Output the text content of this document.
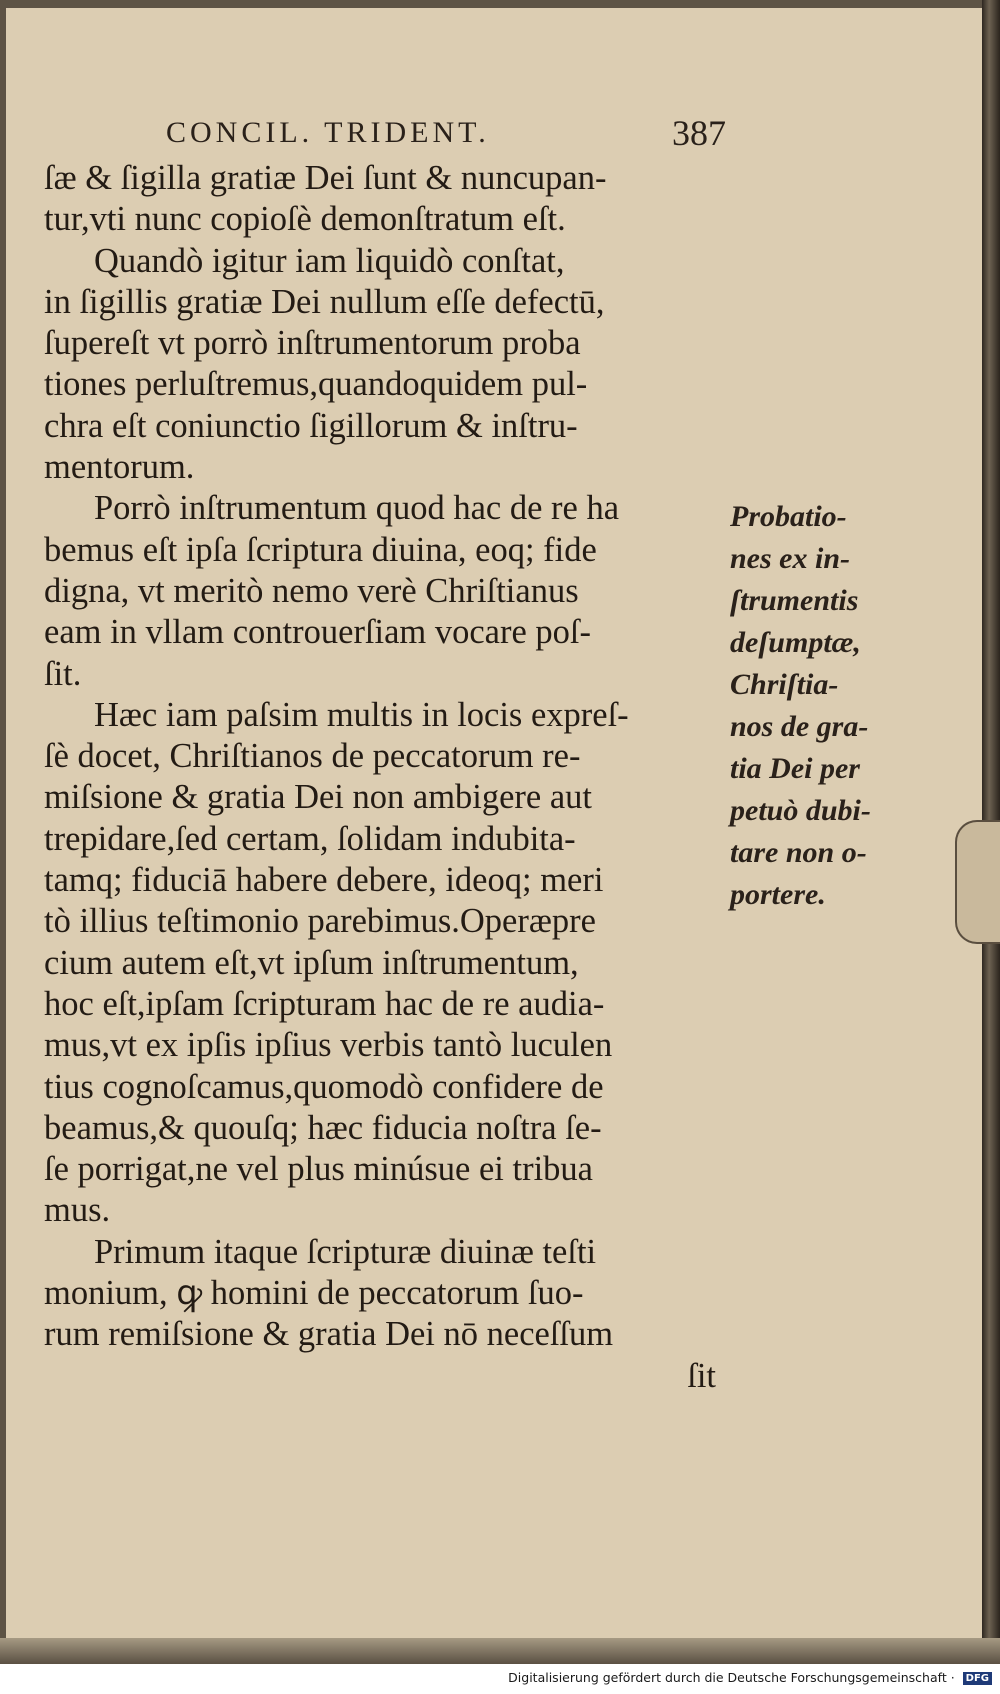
CONCIL. TRIDENT.	387
ſæ & ſigilla gratiæ Dei ſunt & nuncupan-
tur,vti nunc copioſè demonſtratum eſt.
Quandò igitur iam liquidò conſtat,
in ſigillis gratiæ Dei nullum eſſe defectū,
ſupereſt vt porrò inſtrumentorum proba
tiones perluſtremus,quandoquidem pul-
chra eſt coniunctio ſigillorum & inſtru-
mentorum.
Porrò inſtrumentum quod hac de re ha
bemus eſt ipſa ſcriptura diuina, eoq; fide
digna, vt meritò nemo verè Chriſtianus
eam in vllam controuerſiam vocare poſ-
ſit.
Hæc iam paſsim multis in locis expreſ-
ſè docet, Chriſtianos de peccatorum re-
miſsione & gratia Dei non ambigere aut
trepidare,ſed certam, ſolidam indubita-
tamq; fiduciā habere debere, ideoq; meri
tò illius teſtimonio parebimus.Operæpre
cium autem eſt,vt ipſum inſtrumentum,
hoc eſt,ipſam ſcripturam hac de re audia-
mus,vt ex ipſis ipſius verbis tantò luculen
tius cognoſcamus,quomodò confidere de
beamus,& quouſq; hæc fiducia noſtra ſe-
ſe porrigat,ne vel plus minúsue ei tribua
mus.
Primum itaque ſcripturæ diuinæ teſti
monium, ꝙ homini de peccatorum ſuo-
rum remiſsione & gratia Dei nō neceſſum
ſit
Probatio-
nes ex in-
ſtrumentis
deſumptæ,
Chriſtia-
nos de gra-
tia Dei per
petuò dubi-
tare non o-
portere.
Digitalisierung gefördert durch die Deutsche Forschungsgemeinschaft · DFG
